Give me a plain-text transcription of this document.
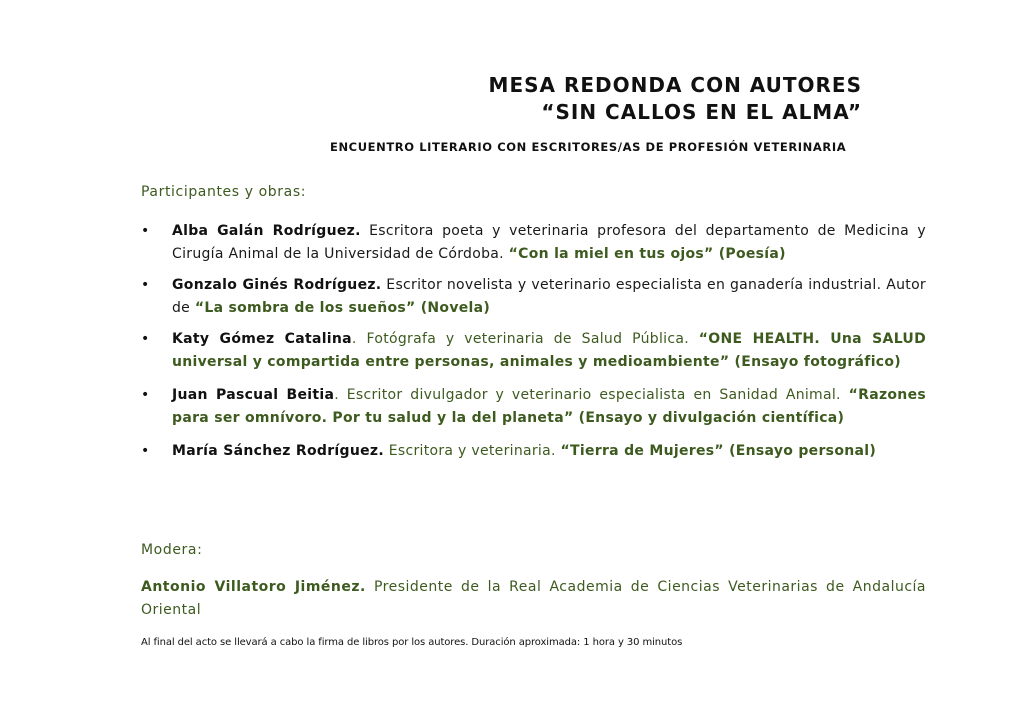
MESA REDONDA CON AUTORES
“SIN CALLOS EN EL ALMA”
ENCUENTRO LITERARIO CON ESCRITORES/AS DE PROFESIÓN VETERINARIA
Participantes y obras:
• Alba Galán Rodríguez. Escritora poeta y veterinaria profesora del departamento de Medicina y Cirugía Animal de la Universidad de Córdoba. “Con la miel en tus ojos” (Poesía)
• Gonzalo Ginés Rodríguez. Escritor novelista y veterinario especialista en ganadería industrial. Autor de “La sombra de los sueños” (Novela)
• Katy Gómez Catalina. Fotógrafa y veterinaria de Salud Pública. “ONE HEALTH. Una SALUD universal y compartida entre personas, animales y medioambiente” (Ensayo fotográfico)
• Juan Pascual Beitia. Escritor divulgador y veterinario especialista en Sanidad Animal. “Razones para ser omnívoro. Por tu salud y la del planeta” (Ensayo y divulgación científica)
• María Sánchez Rodríguez. Escritora y veterinaria. “Tierra de Mujeres” (Ensayo personal)
Modera:
Antonio Villatoro Jiménez. Presidente de la Real Academia de Ciencias Veterinarias de Andalucía Oriental
Al final del acto se llevará a cabo la firma de libros por los autores. Duración aproximada: 1 hora y 30 minutos
